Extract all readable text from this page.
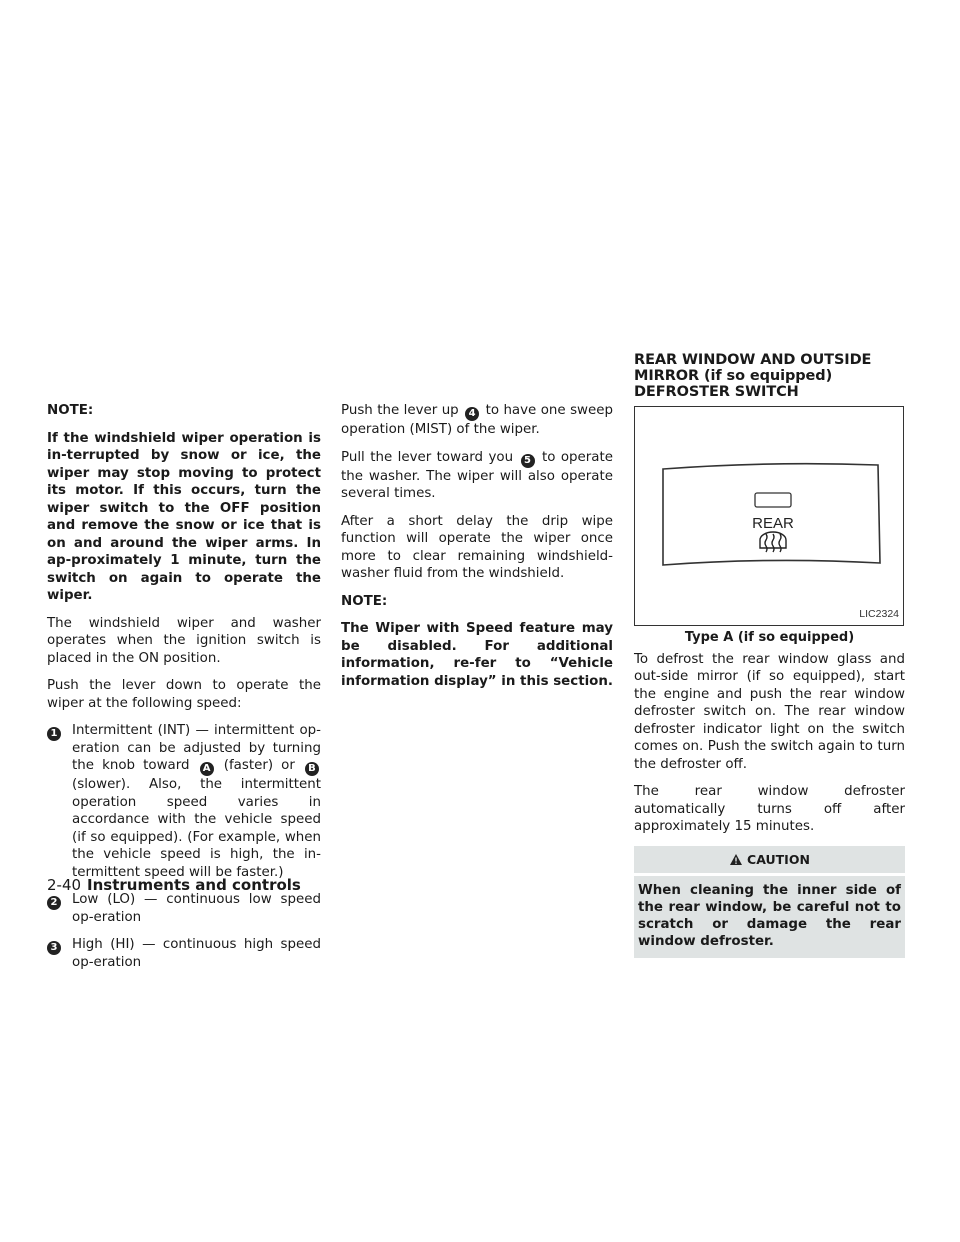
NOTE:

If the windshield wiper operation is in-terrupted by snow or ice, the wiper may stop moving to protect its motor. If this occurs, turn the wiper switch to the OFF position and remove the snow or ice that is on and around the wiper arms. In ap-proximately 1 minute, turn the switch on again to operate the wiper.

The windshield wiper and washer operates when the ignition switch is placed in the ON position.

Push the lever down to operate the wiper at the following speed:

1	Intermittent (INT) — intermittent op-eration can be adjusted by turning the knob toward A (faster) or B (slower). Also, the intermittent operation speed varies in accordance with the vehicle speed (if so equipped). (For example, when the vehicle speed is high, the in-termittent speed will be faster.)
2	Low (LO) — continuous low speed op-eration
3	High (HI) — continuous high speed op-eration

Push the lever up 4 to have one sweep operation (MIST) of the wiper.

Pull the lever toward you 5 to operate the washer. The wiper will also operate several times.

After a short delay the drip wipe function will operate the wiper once more to clear remaining windshield-washer fluid from the windshield.

NOTE:

The Wiper with Speed feature may be disabled. For additional information, re-fer to “Vehicle information display” in this section.

REAR WINDOW AND OUTSIDE MIRROR (if so equipped) DEFROSTER SWITCH
REAR
LIC2324
Type A (if so equipped)

To defrost the rear window glass and out-side mirror (if so equipped), start the engine and push the rear window defroster switch on. The rear window defroster indicator light on the switch comes on. Push the switch again to turn the defroster off.

The rear window defroster automatically turns off after approximately 15 minutes.

CAUTION
When cleaning the inner side of the rear window, be careful not to scratch or damage the rear window defroster.
2-40 Instruments and controls
